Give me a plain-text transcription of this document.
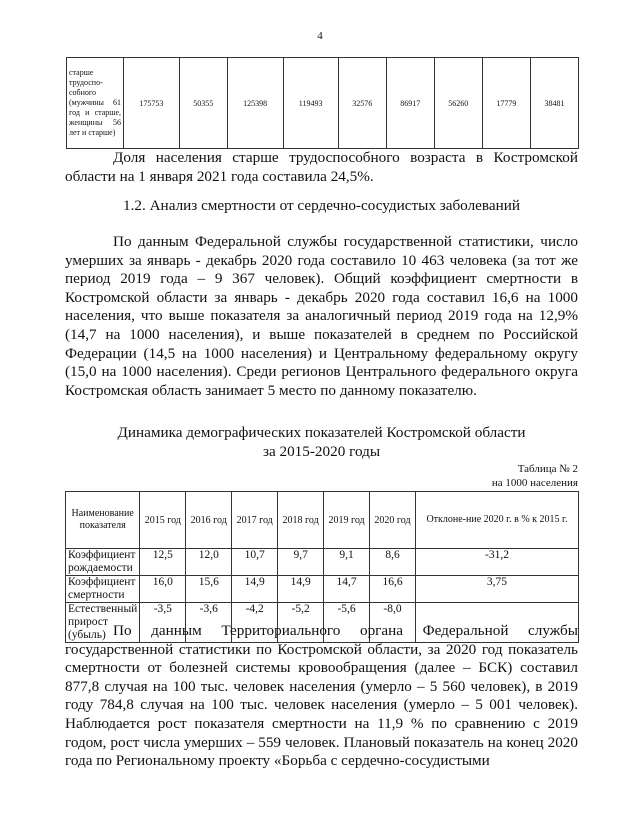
4
старше трудоспо-собного (мужчины 61 год и старше, женщины 56 лет и старше)	175753	50355	125398	119493	32576	86917	56260	17779	38481
Доля населения старше трудоспособного возраста в Костромской области на 1 января 2021 года составила 24,5%.
1.2. Анализ смертности от сердечно-сосудистых заболеваний
По данным Федеральной службы государственной статистики, число умерших за январь - декабрь 2020 года составило 10 463 человека (за тот же период 2019 года – 9 367 человек). Общий коэффициент смертности в Костромской области за январь - декабрь 2020 года составил 16,6 на 1000 населения, что выше показателя за аналогичный период 2019 года на 12,9% (14,7 на 1000 населения), и выше показателей в среднем по Российской Федерации (14,5 на 1000 населения) и Центральному федеральному округу (15,0 на 1000 населения). Среди регионов Центрального федерального округа Костромская область занимает 5 место по данному показателю.
Динамика демографических показателей Костромской области
за 2015-2020 годы
Таблица № 2
на 1000 населения
Наименование показателя	2015 год	2016 год	2017 год	2018 год	2019 год	2020 год	Отклоне-ние 2020 г. в % к 2015 г.
Коэффициент рождаемости	12,5	12,0	10,7	9,7	9,1	8,6	-31,2
Коэффициент смертности	16,0	15,6	14,9	14,9	14,7	16,6	3,75
Естественный прирост (убыль)	-3,5	-3,6	-4,2	-5,2	-5,6	-8,0	
По данным Территориального органа Федеральной службы государственной статистики по Костромской области, за 2020 год показатель смертности от болезней системы кровообращения (далее – БСК) составил 877,8 случая на 100 тыс. человек населения (умерло – 5 560 человек), в 2019 году 784,8 случая на 100 тыс. человек населения (умерло – 5 001 человек). Наблюдается рост показателя смертности на 11,9 % по сравнению с 2019 годом, рост числа умерших – 559 человек. Плановый показатель на конец 2020 года по Региональному проекту «Борьба с сердечно-сосудистыми
